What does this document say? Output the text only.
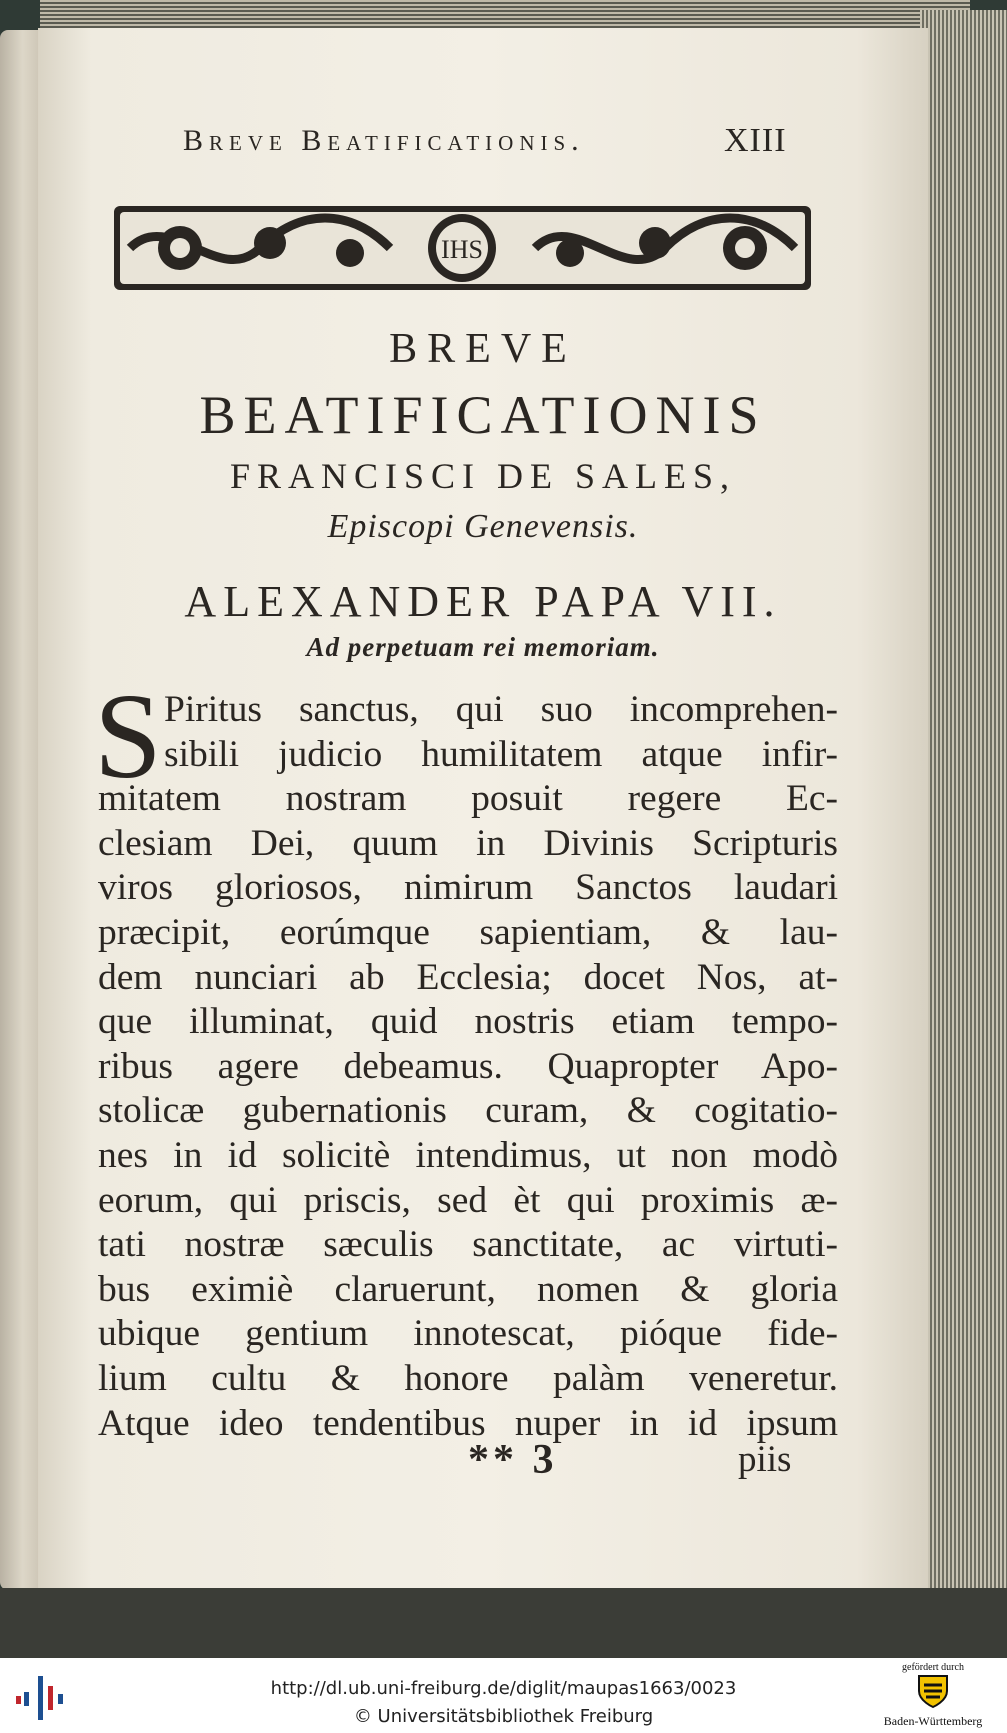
Breve Beatificationis.	XIII
IHS
BREVE
BEATIFICATIONIS
FRANCISCI DE SALES,
Episcopi Genevensis.
ALEXANDER PAPA VII.
Ad perpetuam rei memoriam.
S Piritus sanctus, qui suo incomprehen-
sibili judicio humilitatem atque infir-
mitatem nostram posuit regere Ec-
clesiam Dei, quum in Divinis Scripturis
viros gloriosos, nimirum Sanctos laudari
præcipit, eorúmque sapientiam, & lau-
dem nunciari ab Ecclesia; docet Nos, at-
que illuminat, quid nostris etiam tempo-
ribus agere debeamus. Quapropter Apo-
stolicæ gubernationis curam, & cogitatio-
nes in id solicitè intendimus, ut non modò
eorum, qui priscis, sed èt qui proximis æ-
tati nostræ sæculis sanctitate, ac virtuti-
bus eximiè claruerunt, nomen & gloria
ubique gentium innotescat, pióque fide-
lium cultu & honore palàm veneretur.
Atque ideo tendentibus nuper in id ipsum
** 3	piis
http://dl.ub.uni-freiburg.de/diglit/maupas1663/0023
© Universitätsbibliothek Freiburg
gefördert durch
Baden-Württemberg
